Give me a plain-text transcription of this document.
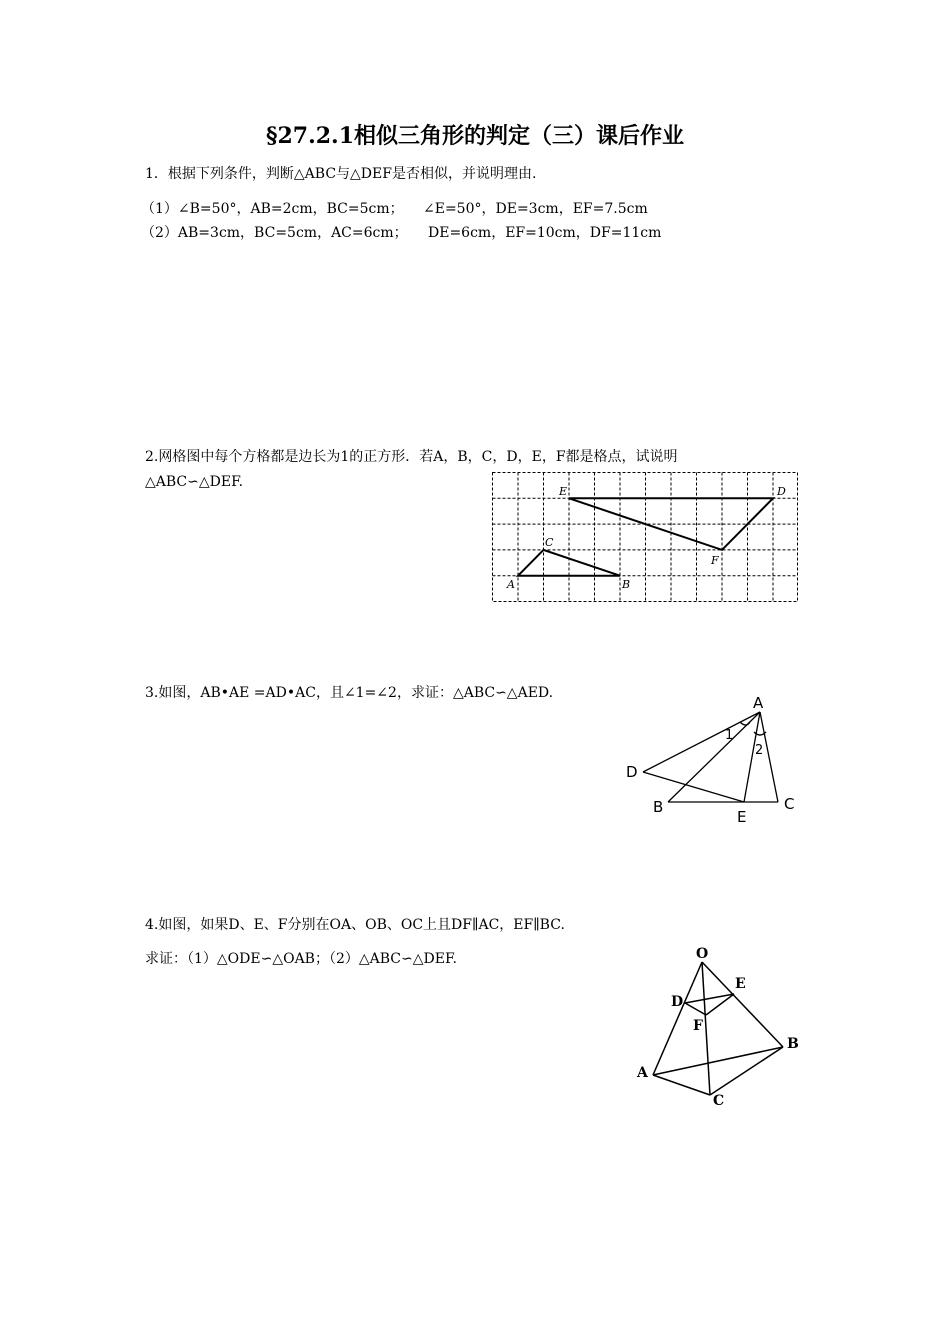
§27.2.1相似三角形的判定（三）课后作业
1．根据下列条件，判断△ABC与△DEF是否相似，并说明理由.
（1）∠B=50°，AB=2cm，BC=5cm； ∠E=50°，DE=3cm，EF=7.5cm
（2）AB=3cm，BC=5cm，AC=6cm； DE=6cm，EF=10cm，DF=11cm
2.网格图中每个方格都是边长为1的正方形．若A，B，C，D，E，F都是格点，试说明
△ABC∽△DEF.
E	D
F
C
A	B
3.如图，AB•AE =AD•AC，且∠1=∠2，求证：△ABC∽△AED.
A
D
B
E
C
1
2
4.如图，如果D、E、F分别在OA、OB、OC上且DF∥AC，EF∥BC.
求证：（1）△ODE∽△OAB；（2）△ABC∽△DEF.	O
E
D
F
B
A
C
